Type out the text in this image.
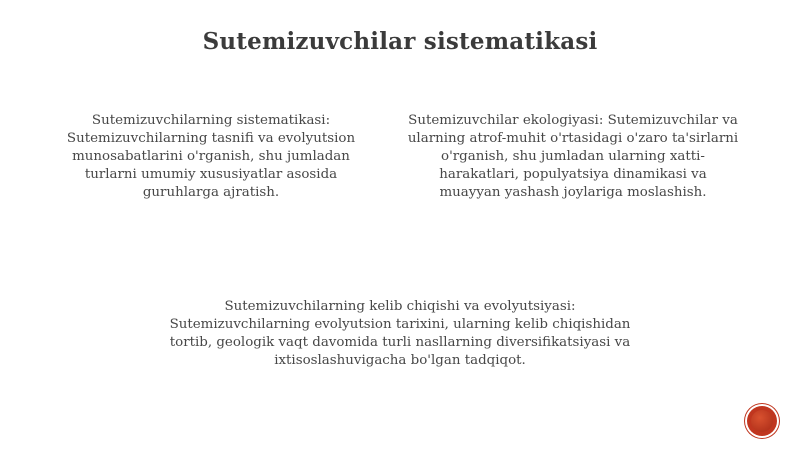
Sutemizuvchilar sistematikasi
Sutemizuvchilarning sistematikasi:
Sutemizuvchilarning tasnifi va evolyutsion
munosabatlarini o'rganish, shu jumladan
turlarni umumiy xususiyatlar asosida
guruhlarga ajratish.
Sutemizuvchilar ekologiyasi: Sutemizuvchilar va
ularning atrof-muhit o'rtasidagi o'zaro ta'sirlarni
o'rganish, shu jumladan ularning xatti-
harakatlari, populyatsiya dinamikasi va
muayyan yashash joylariga moslashish.
Sutemizuvchilarning kelib chiqishi va evolyutsiyasi:
Sutemizuvchilarning evolyutsion tarixini, ularning kelib chiqishidan
tortib, geologik vaqt davomida turli nasllarning diversifikatsiyasi va
ixtisoslashuvigacha bo'lgan tadqiqot.
